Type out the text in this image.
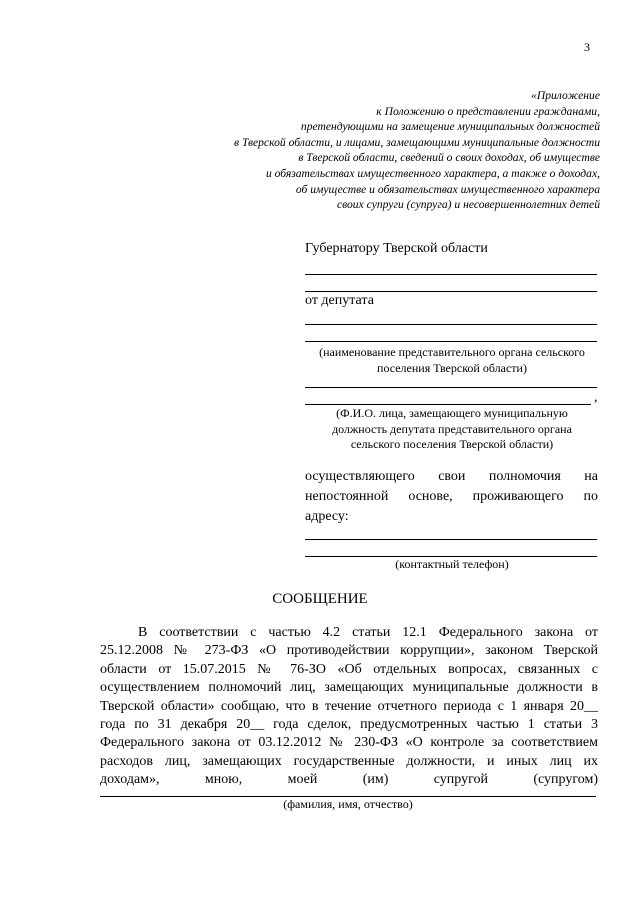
3
«Приложение
к Положению о представлении гражданами,
претендующими на замещение муниципальных должностей
в Тверской области, и лицами, замещающими муниципальные должности
в Тверской области, сведений о своих доходах, об имуществе
и обязательствах имущественного характера, а также о доходах,
об имуществе и обязательствах имущественного характера
своих супруги (супруга) и несовершеннолетних детей
Губернатору Тверской области
от депутата
(наименование представительного органа сельского
поселения Тверской области)
,
(Ф.И.О. лица, замещающего муниципальную
должность депутата представительного органа
сельского поселения Тверской области)
осуществляющего свои полномочия на
непостоянной основе, проживающего по
адресу:
(контактный телефон)
СООБЩЕНИЕ
В соответствии с частью 4.2 статьи 12.1 Федерального закона от
25.12.2008 № 273-ФЗ «О противодействии коррупции», законом Тверской
области от 15.07.2015 № 76-ЗО «Об отдельных вопросах, связанных с
осуществлением полномочий лиц, замещающих муниципальные должности в
Тверской области» сообщаю, что в течение отчетного периода с 1 января 20__
года по 31 декабря 20__ года сделок, предусмотренных частью 1 статьи 3
Федерального закона от 03.12.2012 № 230-ФЗ «О контроле за соответствием
расходов лиц, замещающих государственные должности, и иных лиц их
доходам», мною, моей (им) супругой (супругом)
(фамилия, имя, отчество)
